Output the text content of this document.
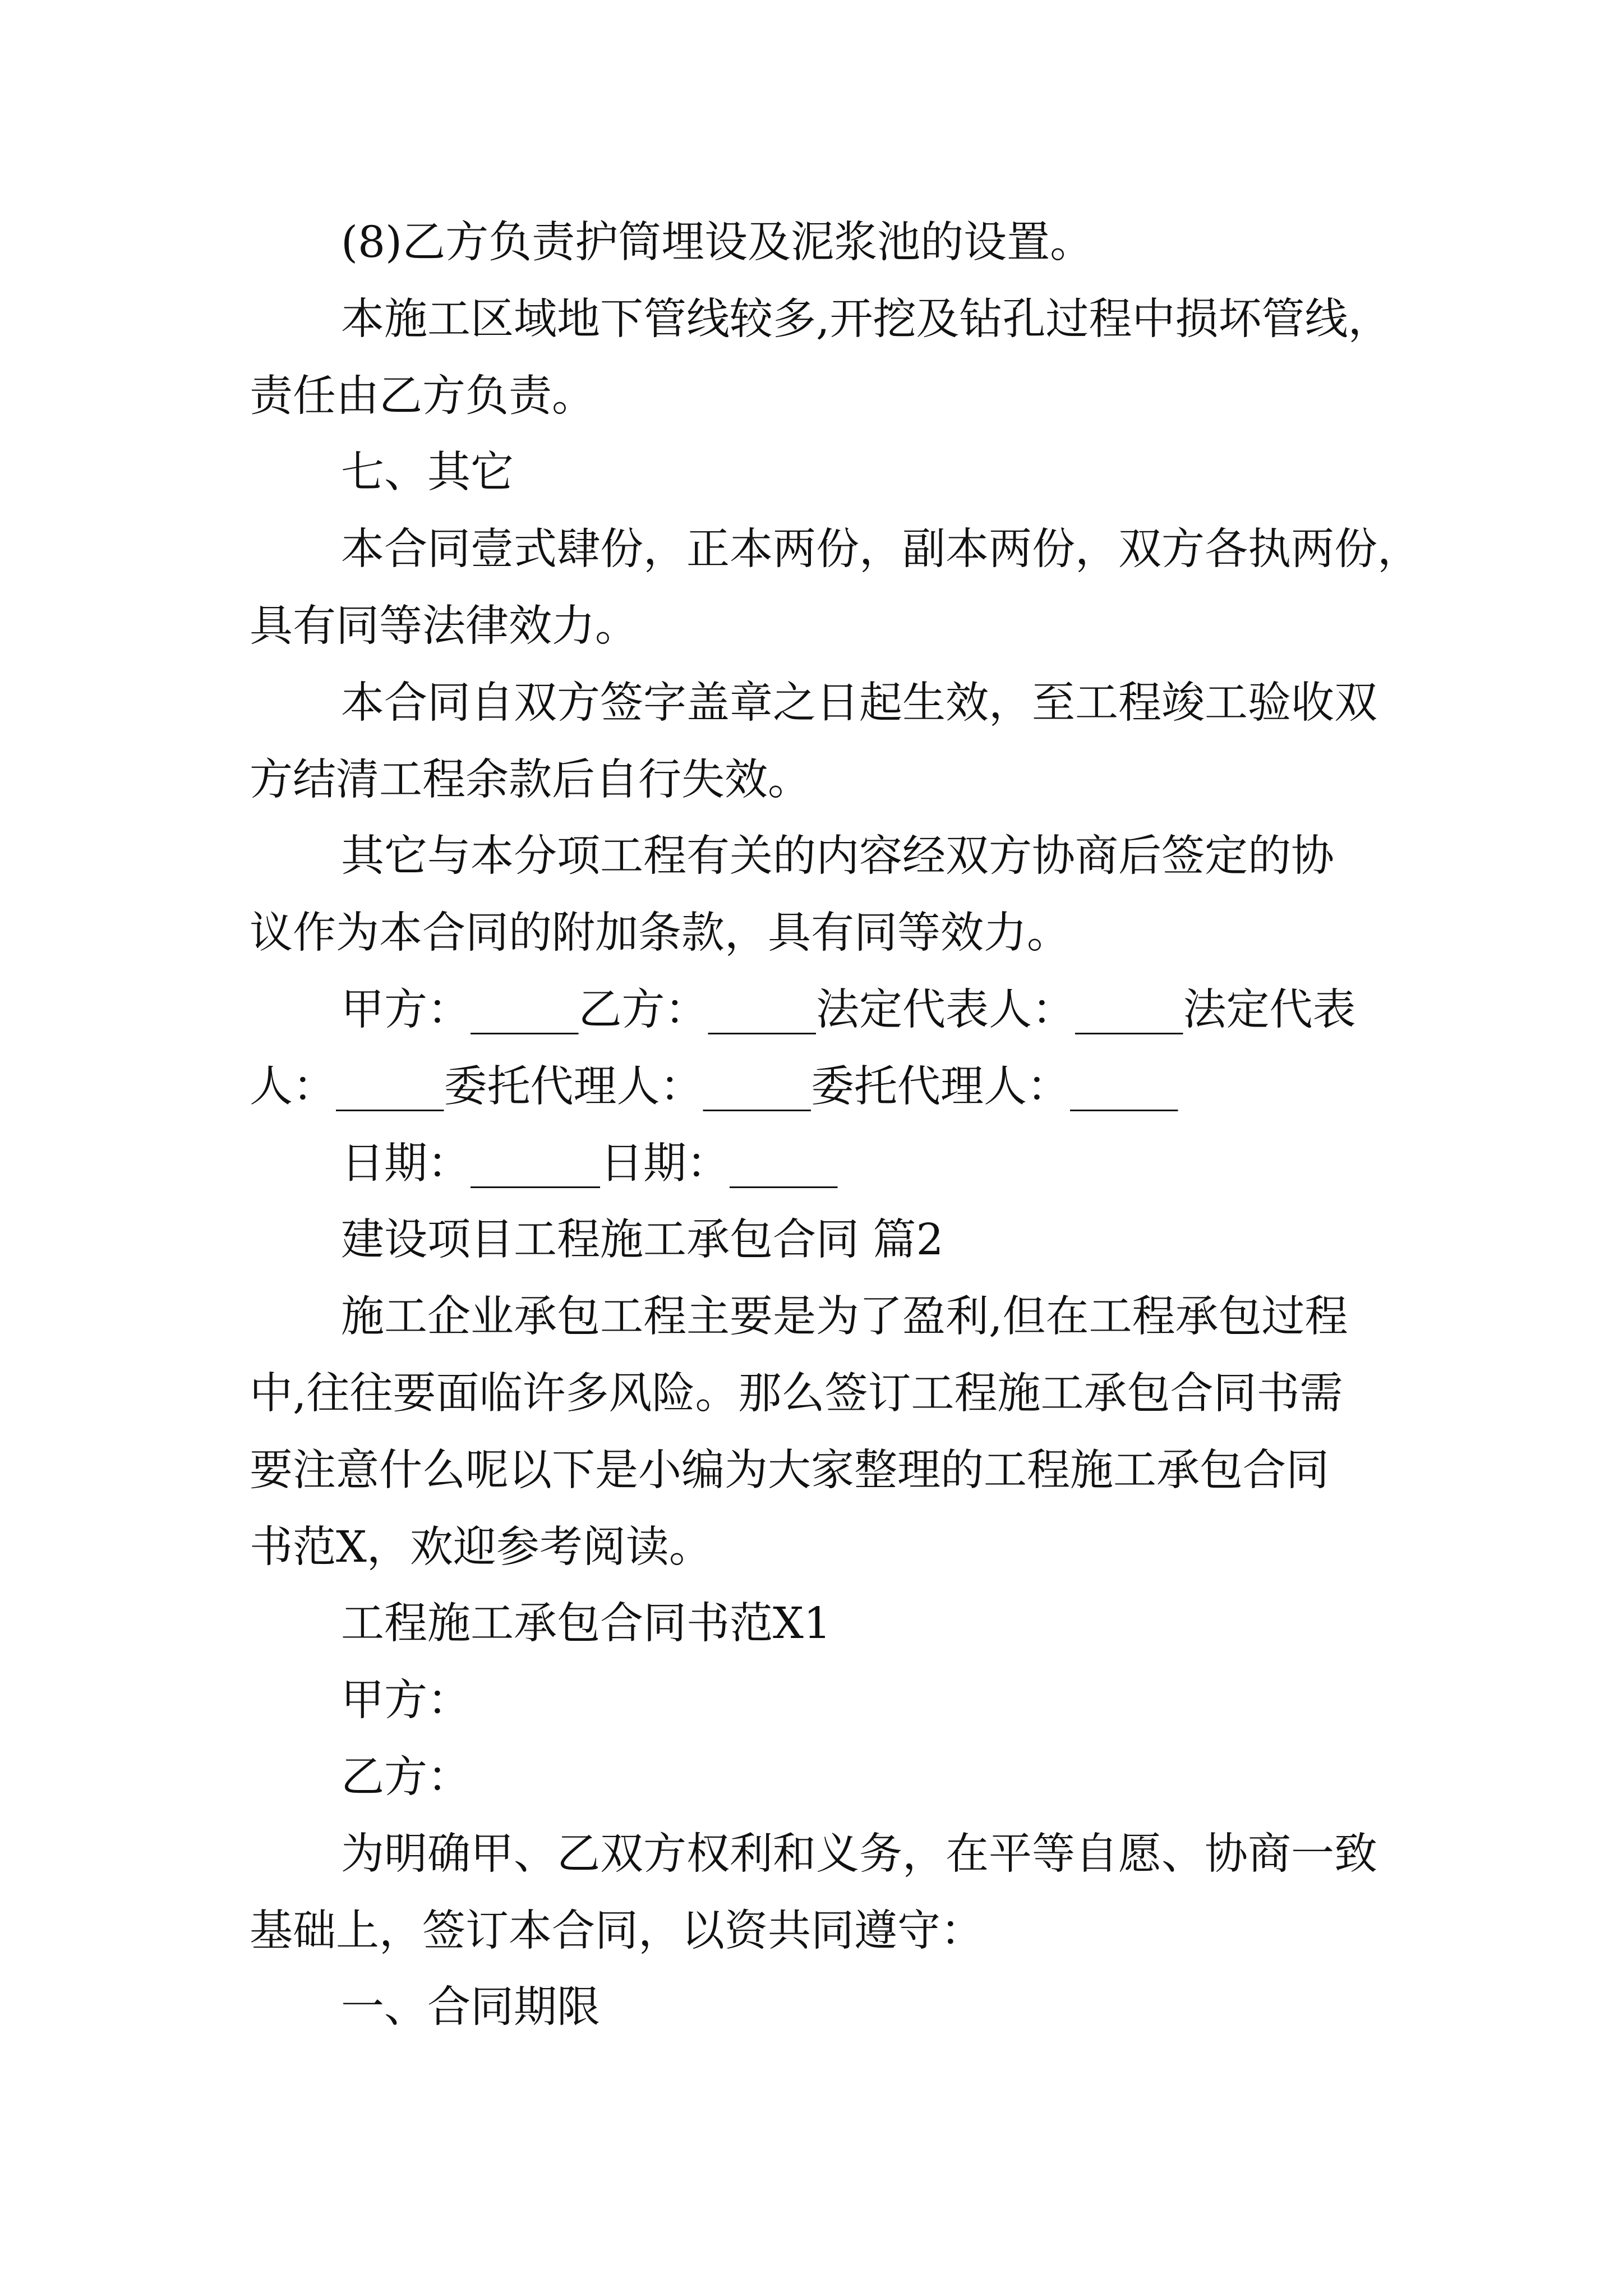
(8)乙方负责护筒埋设及泥浆池的设置。
本施工区域地下管线较多,开挖及钻孔过程中损坏管线，
责任由乙方负责。
七、其它
本合同壹式肆份，正本两份，副本两份，双方各执两份，
具有同等法律效力。
本合同自双方签字盖章之日起生效，至工程竣工验收双
方结清工程余款后自行失效。
其它与本分项工程有关的内容经双方协商后签定的协
议作为本合同的附加条款，具有同等效力。
甲方：_____乙方：_____法定代表人：_____法定代表
人：_____委托代理人：_____委托代理人：_____
日期：______日期：_____
建设项目工程施工承包合同 篇2
施工企业承包工程主要是为了盈利,但在工程承包过程
中,往往要面临许多风险。那么签订工程施工承包合同书需
要注意什么呢以下是小编为大家整理的工程施工承包合同
书范X，欢迎参考阅读。
工程施工承包合同书范X1
甲方：
乙方：
为明确甲、乙双方权利和义务，在平等自愿、协商一致
基础上，签订本合同，以资共同遵守：
一、合同期限
